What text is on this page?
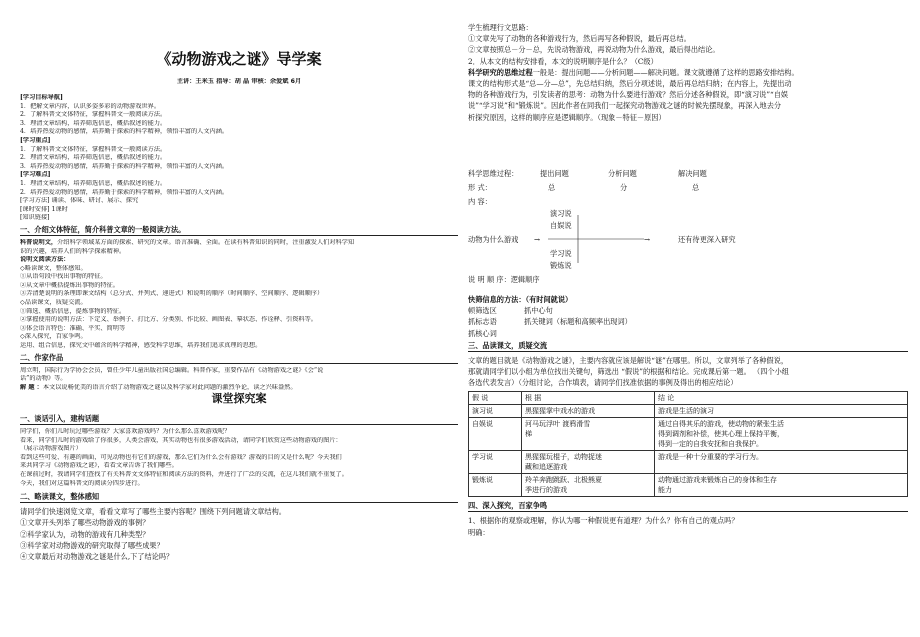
《动物游戏之谜》导学案
主讲：王米玉 指导：胡 晶 审核：余爱斌 6月
[学习目标导航]
1．把解文章内容，认识多姿多彩的动物游戏世界。
2．了解科普文文体特征，掌握科普文一般阅读方法。
3．理清文章结构，培养筛选信息，概括叙述的能力。
4．培养热爱动物的感情，培养勤于探索的科学精神，领悟丰富的人文内涵。
[学习重点]
1．了解科普文文体特征，掌握科普文一般阅读方法。
2．理清文章结构，培养筛选信息，概括叙述的能力。
3．培养热爱动物的感情，培养勤于探索的科学精神，领悟丰富的人文内涵。
[学习难点]
1．理清文章结构，培养筛选信息，概括叙述的能力。
2．培养热爱动物的感情，培养勤于探索的科学精神，领悟丰富的人文内涵。
[学习方法] 诵读、体味、研讨、展示、探究
[课时安排] 1课时
[知识链接]
一、介绍文体特征，简介科普文章的一般阅读方法。
科普说明文，介绍科学领域某方面的探索、研究的文章。语言准确、全面。在读有科普知识的同时，注重激发人们对科学知
识的兴趣，培养人们的科学探索精神。
说明文阅读方法：
◇略读课文，整体感知。
①从语句段中找出事物的特征。
②从文章中概括提炼出事物的特征。
③弄清楚说明的条理即课文结构（总分式、并列式、递进式）和说明的顺序（时间顺序、空间顺序、逻辑顺序）
◇品读课文，质疑交流。
①筛选、概括信息，提炼事物的特征。
②掌握使用的说明方法：下定义、举例子、打比方、分类别、作比较、画图表、摹状态、作诠释、引资料等。
③体会语言特色：准确、平实、简明等
◇深入探究，百家争鸣。
运用、组合信息，探究文中蕴含的科学精神，感受科学思维，培养我们追求真理的思想。
二、作家作品
周立明，国际行为学协会会员，曾任少年儿童出版社国总编辑。科普作家，重要作品有《动物游戏之谜》《会“说
话”的动物》等。
解 题 ：本文以说畅优美的语言介绍了动物游戏之谜以及科学家对此问题的激烈争论，读之兴味盎然。
课堂探究案
一、谈话引入，建构话题
同学们，你们儿时玩过哪些游戏？大家喜欢游戏吗？为什么那么喜欢游戏呢？
看来，同学们儿时的游戏给了你很多，人类会游戏，其实动物也有很多游戏活动，请同学们欣赏这些动物游戏的图片：
（展示动物游戏图片）
看到这些可爱、有趣的画面，可见动物也有它们的游戏，那么它们为什么会有游戏？游戏的目的又是什么呢？今天我们
来共同学习《动物游戏之谜》，看看文章告诉了我们哪些。
在课前过时，我请同学们查找了有关科普文文体特征和阅读方法的资料，并进行了广泛的交流，在这儿我们就不重复了。
今天，我们对这篇科普文的阅读分四步进行。
二、略读课文，整体感知
请同学们快速浏览文章，看看文章写了哪些主要内容呢？围绕下列问题请文章结构。
①文章开头列举了哪些动物游戏的事例？
②科学家认为，动物的游戏有几种类型？
③科学家对动物游戏的研究取得了哪些成果？
④文章最后对动物游戏之谜是什么,下了结论吗？
学生梳理行文思路：
①文章先写了动物的各种游戏行为，然后再写各种假说，最后再总结。
②文章按照总－分－总，先说动物游戏，再说动物为什么游戏，最后得出结论。
2．从本文的结构安排看，本文的说明顺序是什么？（C级）
科学研究的思维过程一般是：提出问题——分析问题——解决问题。课文就遵循了这样的思路安排结构。
课文的结构形式是“总—分—总”，先总结归纳，然后分项述说，最后再总结归纳；在内容上，先提出动
物的各种游戏行为，引发读者的思考：动物为什么要进行游戏？然后分述各种假说，即“演习说”“自娱
说”“学习说”和“锻炼说”。因此作者在同我们一起探究动物游戏之谜的时候先摆现象，再深入地去分
析探究原因，这样的顺序应是逻辑顺序。（现象－特征－原因）
科学思维过程：	提出问题	分析问题	解决问题
形 式：	总	分	总
内 容：
演习说
自娱说
动物为什么游戏 →	→	还有待更深入研究
学习说
锻炼说
说 明 顺 序：逻辑顺序
快筛信息的方法：（有时间就说）
顿筛选区	抓中心句
抓标志语	抓关键词（标题和高频率出现词）
抓核心词
三、品读课文，质疑交流
文章的题目就是《动物游戏之谜》，主要内容就应该是解说“谜”在哪里。所以，文章列举了各种假说，
那就请同学们以小组为单位找出关键句，筛选出 “假说”的根据和结论。完成课后第一题。 （四个小组
各选代表发言）（分组讨论，合作填表，请同学们找准依据的事例及得出的相应结论）
假 说	根 据	结 论
演习说	黑猩猩掌中戏水的游戏	游戏是生活的演习
自娱说	河马玩浮叶 渡鸦滑雪
梯	通过自得其乐的游戏，使动物的紧张生活
得到调剂和补偿，使其心理上保持平衡，
得到一定的自我安抚和自我保护。
学习说	黑猩猩玩棍子，动物捉迷
藏和追逐游戏	游戏是一种十分重要的学习行为。
锻炼说	羚羊奔跑跳跃、北极熊夏
季进行的游戏	动物通过游戏来锻炼自己的身体和生存
能力
四、深入探究，百家争鸣
1、根据你的观察或理解，你认为哪一种假说更有道理？为什么？你有自己的观点吗？
明确：
